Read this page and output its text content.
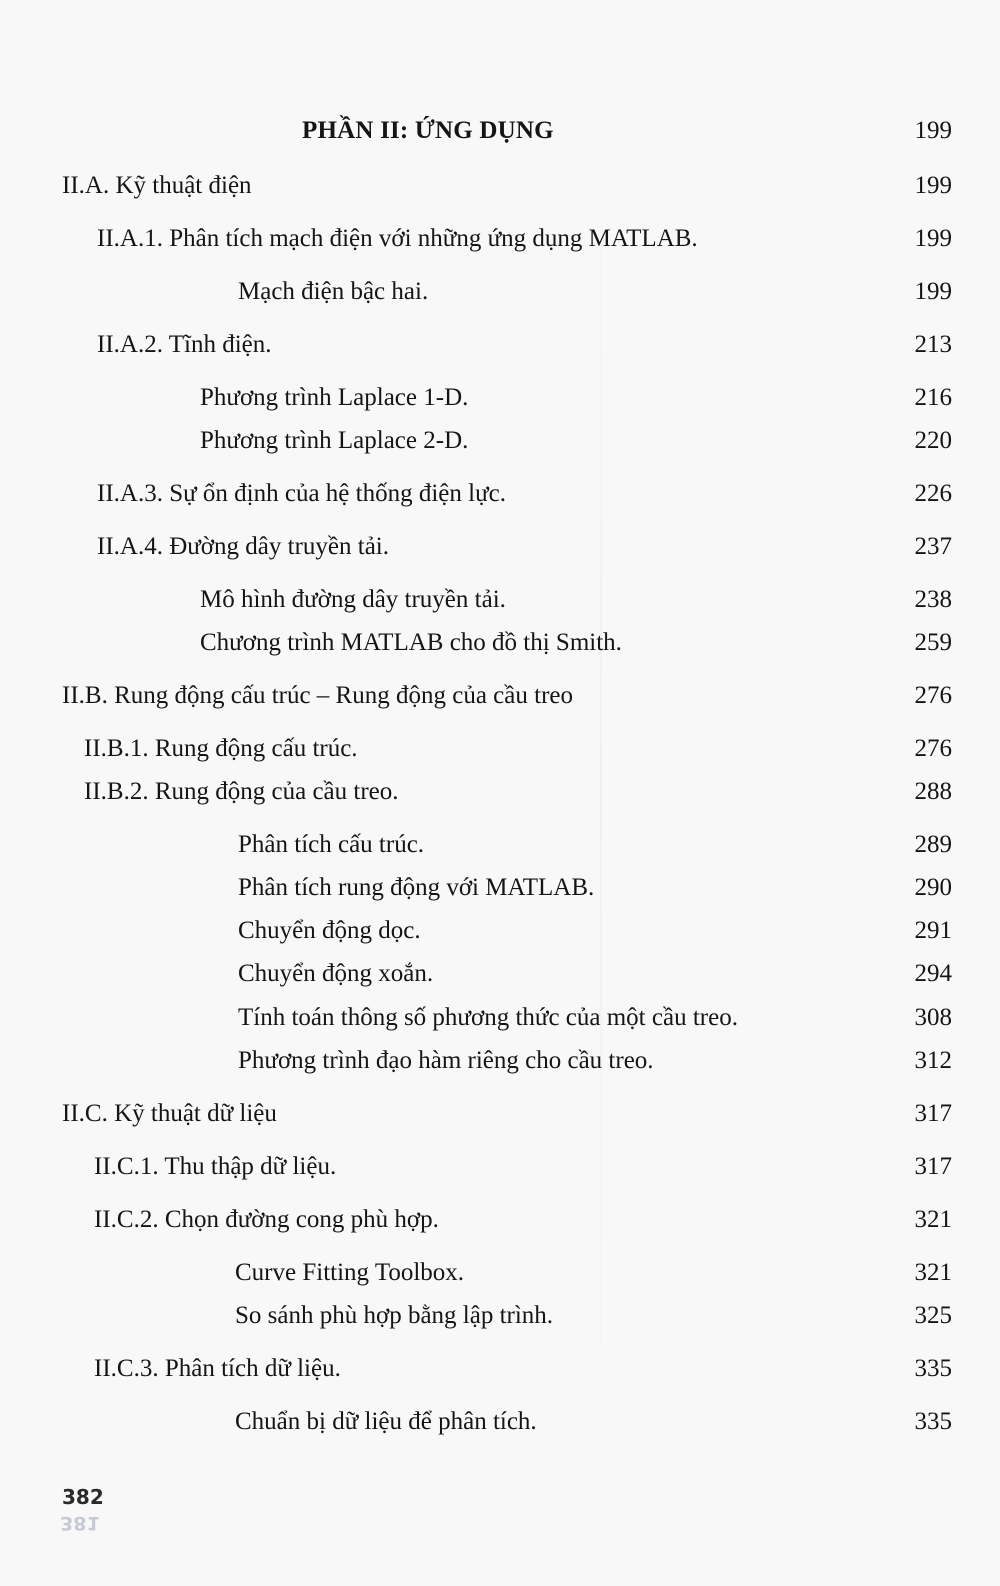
PHẦN II: ỨNG DỤNG	199
II.A. Kỹ thuật điện	199
II.A.1. Phân tích mạch điện với những ứng dụng MATLAB.	199
Mạch điện bậc hai.	199
II.A.2. Tĩnh điện.	213
Phương trình Laplace 1-D.	216
Phương trình Laplace 2-D.	220
II.A.3. Sự ổn định của hệ thống điện lực.	226
II.A.4. Đường dây truyền tải.	237
Mô hình đường dây truyền tải.	238
Chương trình MATLAB cho đồ thị Smith.	259
II.B. Rung động cấu trúc – Rung động của cầu treo	276
II.B.1. Rung động cấu trúc.	276
II.B.2. Rung động của cầu treo.	288
Phân tích cấu trúc.	289
Phân tích rung động với MATLAB.	290
Chuyển động dọc.	291
Chuyển động xoắn.	294
Tính toán thông số phương thức của một cầu treo.	308
Phương trình đạo hàm riêng cho cầu treo.	312
II.C. Kỹ thuật dữ liệu	317
II.C.1. Thu thập dữ liệu.	317
II.C.2. Chọn đường cong phù hợp.	321
Curve Fitting Toolbox.	321
So sánh phù hợp bằng lập trình.	325
II.C.3. Phân tích dữ liệu.	335
Chuẩn bị dữ liệu để phân tích.	335
382
381
